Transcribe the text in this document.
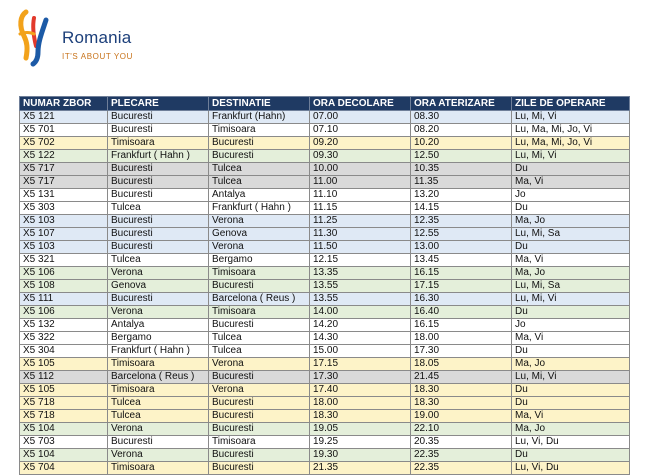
Romania
IT'S ABOUT YOU
NUMAR ZBOR	PLECARE	DESTINATIE	ORA DECOLARE	ORA ATERIZARE	ZILE DE OPERARE
X5 121	Bucuresti	Frankfurt (Hahn)	07.00	08.30	Lu, Mi, Vi
X5 701	Bucuresti	Timisoara	07.10	08.20	Lu, Ma, Mi, Jo, Vi
X5 702	Timisoara	Bucuresti	09.20	10.20	Lu, Ma, Mi, Jo, Vi
X5 122	Frankfurt ( Hahn )	Bucuresti	09.30	12.50	Lu, Mi, Vi
X5 717	Bucuresti	Tulcea	10.00	10.35	Du
X5 717	Bucuresti	Tulcea	11.00	11.35	Ma, Vi
X5 131	Bucuresti	Antalya	11.10	13.20	Jo
X5 303	Tulcea	Frankfurt ( Hahn )	11.15	14.15	Du
X5 103	Bucuresti	Verona	11.25	12.35	Ma, Jo
X5 107	Bucuresti	Genova	11.30	12.55	Lu, Mi, Sa
X5 103	Bucuresti	Verona	11.50	13.00	Du
X5 321	Tulcea	Bergamo	12.15	13.45	Ma, Vi
X5 106	Verona	Timisoara	13.35	16.15	Ma, Jo
X5 108	Genova	Bucuresti	13.55	17.15	Lu, Mi, Sa
X5 111	Bucuresti	Barcelona ( Reus )	13.55	16.30	Lu, Mi, Vi
X5 106	Verona	Timisoara	14.00	16.40	Du
X5 132	Antalya	Bucuresti	14.20	16.15	Jo
X5 322	Bergamo	Tulcea	14.30	18.00	Ma, Vi
X5 304	Frankfurt ( Hahn )	Tulcea	15.00	17.30	Du
X5 105	Timisoara	Verona	17.15	18.05	Ma, Jo
X5 112	Barcelona ( Reus )	Bucuresti	17.30	21.45	Lu, Mi, Vi
X5 105	Timisoara	Verona	17.40	18.30	Du
X5 718	Tulcea	Bucuresti	18.00	18.30	Du
X5 718	Tulcea	Bucuresti	18.30	19.00	Ma, Vi
X5 104	Verona	Bucuresti	19.05	22.10	Ma, Jo
X5 703	Bucuresti	Timisoara	19.25	20.35	Lu, Vi, Du
X5 104	Verona	Bucuresti	19.30	22.35	Du
X5 704	Timisoara	Bucuresti	21.35	22.35	Lu, Vi, Du
